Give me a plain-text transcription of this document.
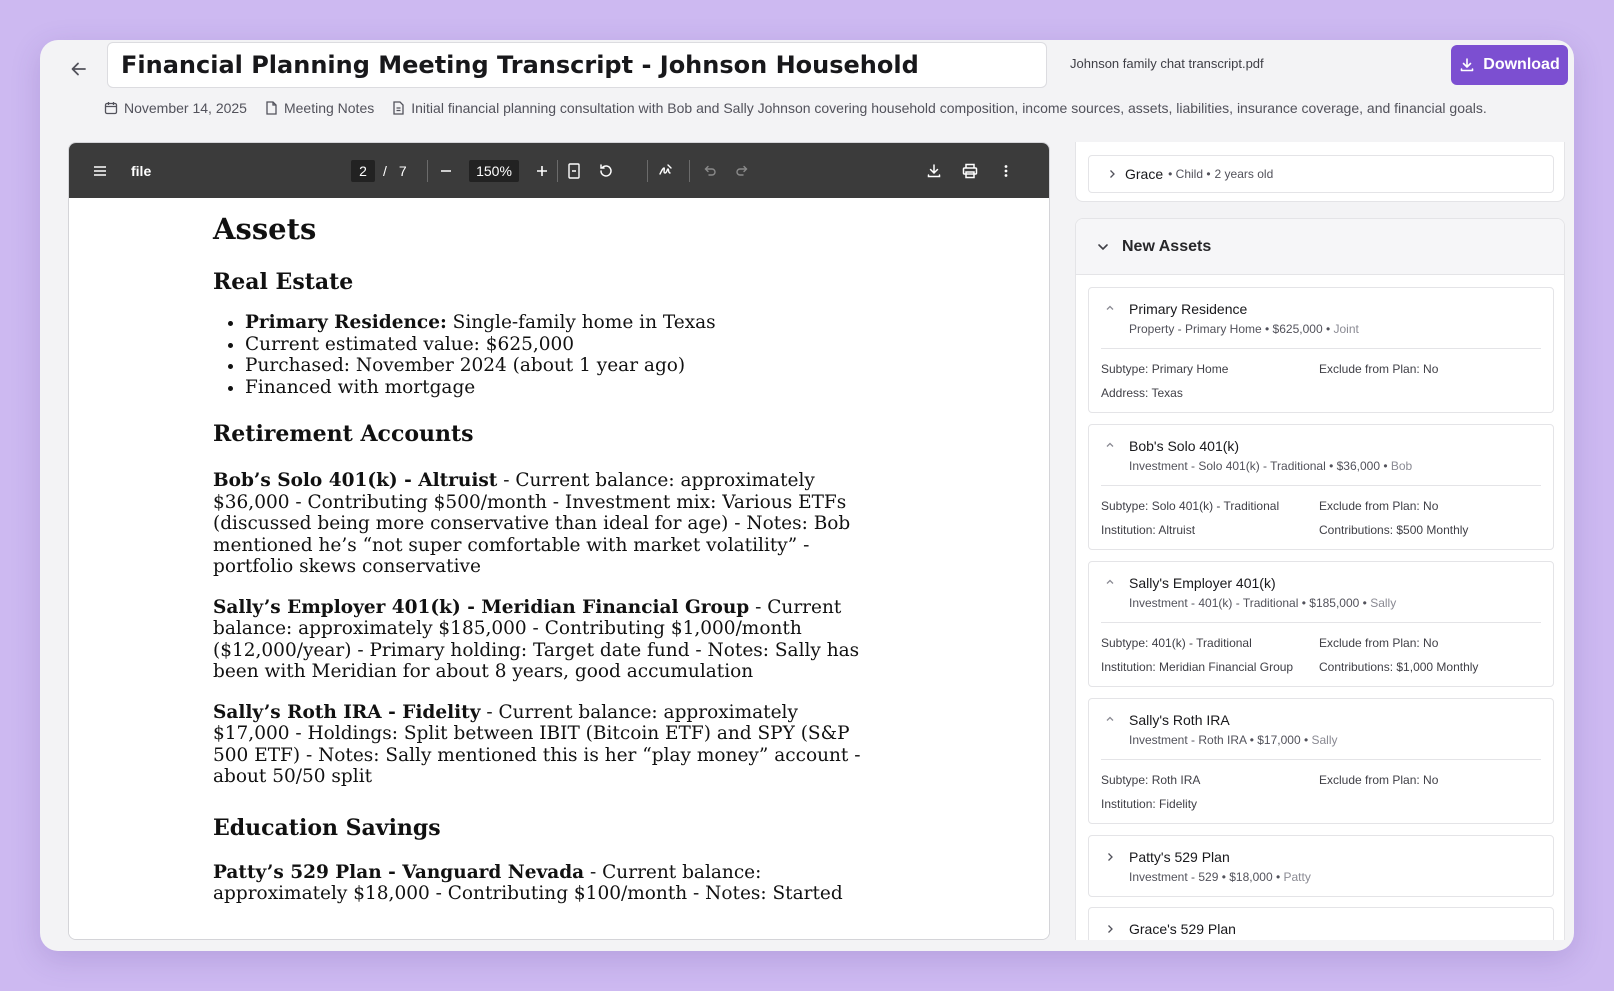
Financial Planning Meeting Transcript - Johnson Household	Johnson family chat transcript.pdf	Download
November 14, 2025	Meeting Notes	Initial financial planning consultation with Bob and Sally Johnson covering household composition, income sources, assets, liabilities, insurance coverage, and financial goals.
file	2	/ 7	150%
Assets
Real Estate
• Primary Residence: Single-family home in Texas
• Current estimated value: $625,000
• Purchased: November 2024 (about 1 year ago)
• Financed with mortgage
Retirement Accounts

Bob’s Solo 401(k) - Altruist - Current balance: approximately $36,000 - Contributing $500/month - Investment mix: Various ETFs (discussed being more conservative than ideal for age) - Notes: Bob mentioned he’s “not super comfortable with market volatility” - portfolio skews conservative

Sally’s Employer 401(k) - Meridian Financial Group - Current balance: approximately $185,000 - Contributing $1,000/month ($12,000/year) - Primary holding: Target date fund - Notes: Sally has been with Meridian for about 8 years, good accumulation

Sally’s Roth IRA - Fidelity - Current balance: approximately $17,000 - Holdings: Split between IBIT (Bitcoin ETF) and SPY (S&P 500 ETF) - Notes: Sally mentioned this is her “play money” account - about 50/50 split

Education Savings

Patty’s 529 Plan - Vanguard Nevada - Current balance: approximately $18,000 - Contributing $100/month - Notes: Started

Grace • Child • 2 years old
New Assets
Primary Residence
Property - Primary Home • $625,000 • Joint
Subtype: Primary Home	Exclude from Plan: No
Address: Texas
Bob's Solo 401(k)
Investment - Solo 401(k) - Traditional • $36,000 • Bob
Subtype: Solo 401(k) - Traditional	Exclude from Plan: No
Institution: Altruist	Contributions: $500 Monthly
Sally's Employer 401(k)
Investment - 401(k) - Traditional • $185,000 • Sally
Subtype: 401(k) - Traditional	Exclude from Plan: No
Institution: Meridian Financial Group Contributions: $1,000 Monthly
Sally's Roth IRA
Investment - Roth IRA • $17,000 • Sally
Subtype: Roth IRA	Exclude from Plan: No
Institution: Fidelity
Patty's 529 Plan
Investment - 529 • $18,000 • Patty
Grace's 529 Plan
